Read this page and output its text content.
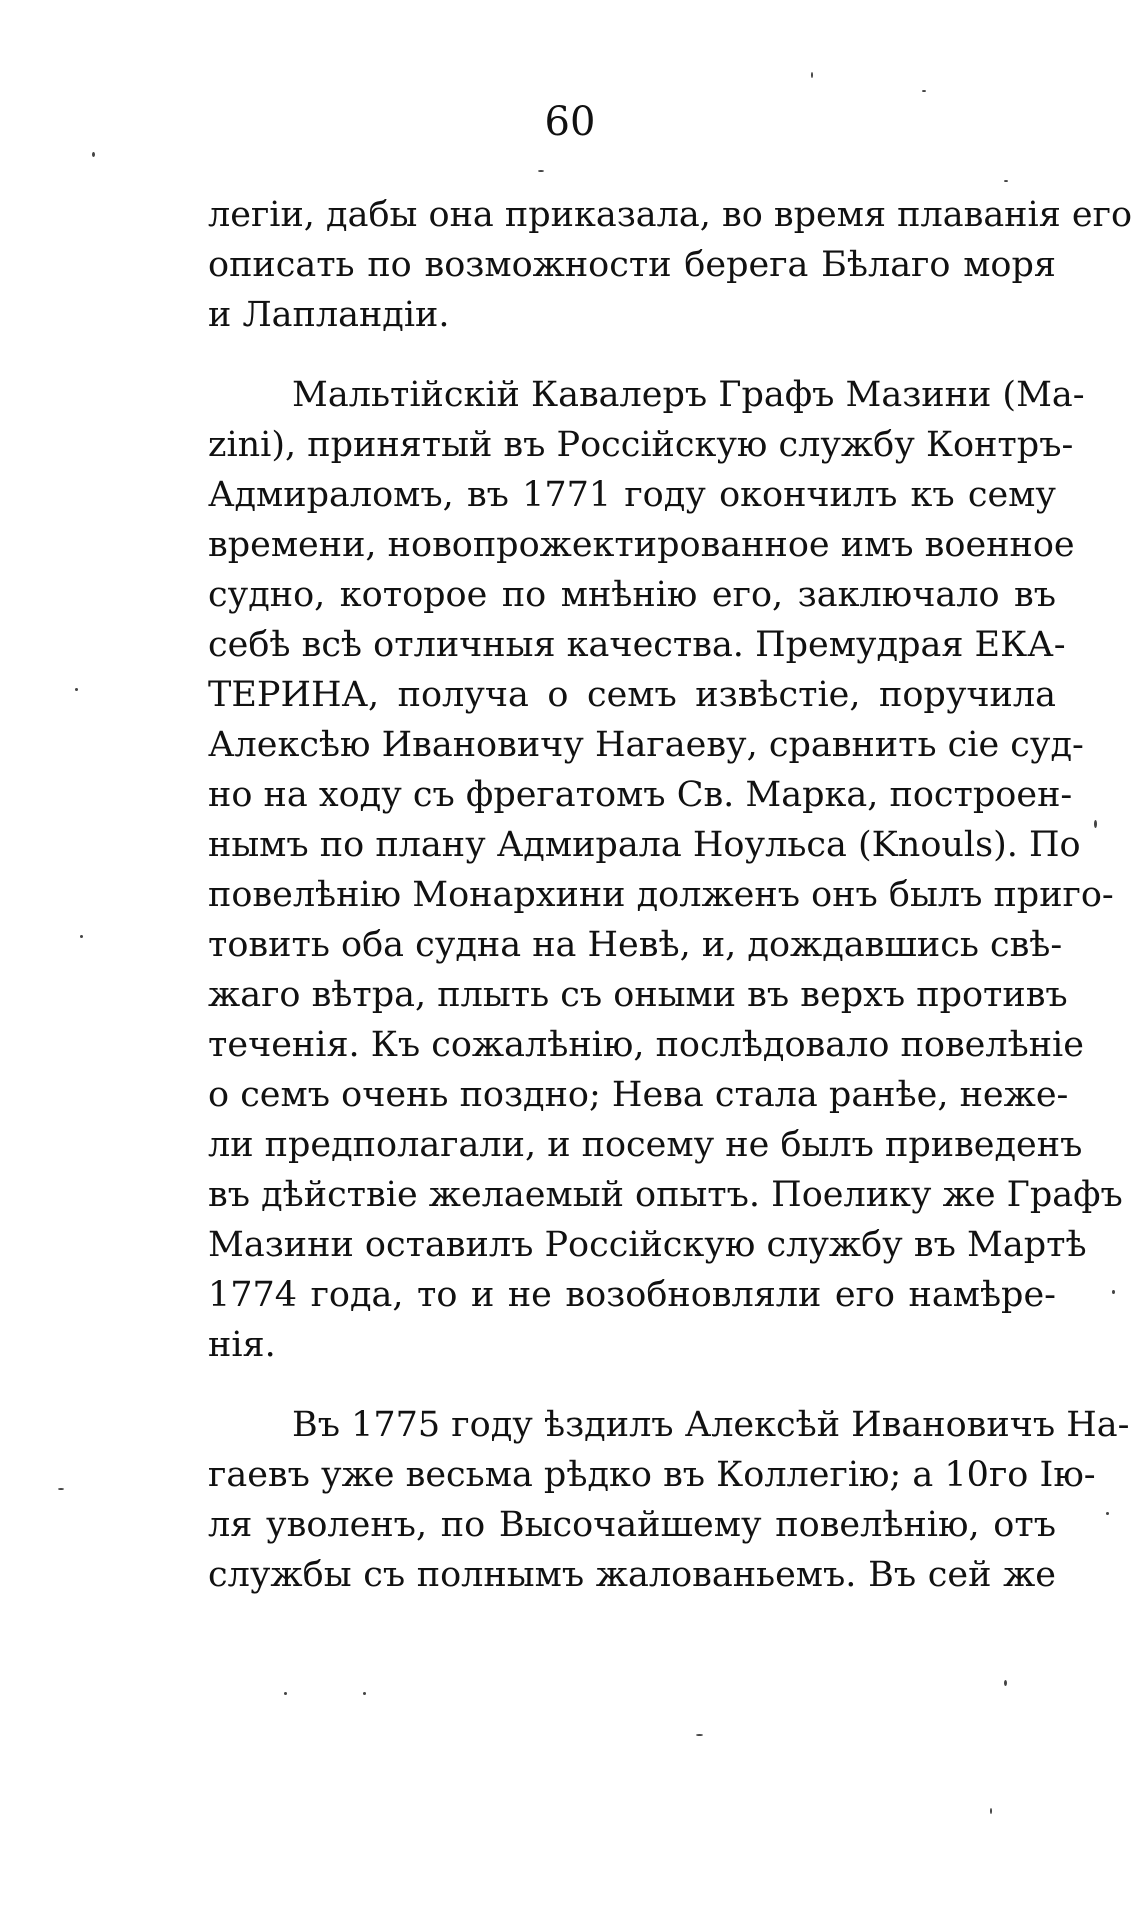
60
легіи, дабы она приказала, во время плаванія его
описать по возможности берега Бѣлаго моря
и Лапландіи.
Мальтійскій Кавалеръ Графъ Мазини (Ma-
zini), принятый въ Россійскую службу Контръ-
Адмираломъ, въ 1771 году окончилъ къ сему
времени, новопрожектированное имъ военное
судно, которое по мнѣнію его, заключало въ
себѣ всѣ отличныя качества. Премудрая ЕКА-
ТЕРИНА, получа о семъ извѣстіе, поручила
Алексѣю Ивановичу Нагаеву, сравнить сіе суд-
но на ходу съ фрегатомъ Св. Марка, построен-
нымъ по плану Адмирала Ноульса (Knouls). По
повелѣнію Монархини долженъ онъ былъ приго-
товить оба судна на Невѣ, и, дождавшись свѣ-
жаго вѣтра, плыть съ оными въ верхъ противъ
теченія. Къ сожалѣнію, послѣдовало повелѣніе
о семъ очень поздно; Нева стала ранѣе, нeже-
ли предполагали, и посему не былъ приведенъ
въ дѣйствіе желаемый опытъ. Поелику же Графъ
Мазини оставилъ Россійскую службу въ Мартѣ
1774 года, то и не возобновляли его намѣре-
нія.
Въ 1775 году ѣздилъ Алексѣй Ивановичъ На-
гаевъ уже весьма рѣдко въ Коллегію; а 10го Ію-
ля уволенъ, по Высочайшему повелѣнію, отъ
службы съ полнымъ жалованьемъ. Въ сей же
